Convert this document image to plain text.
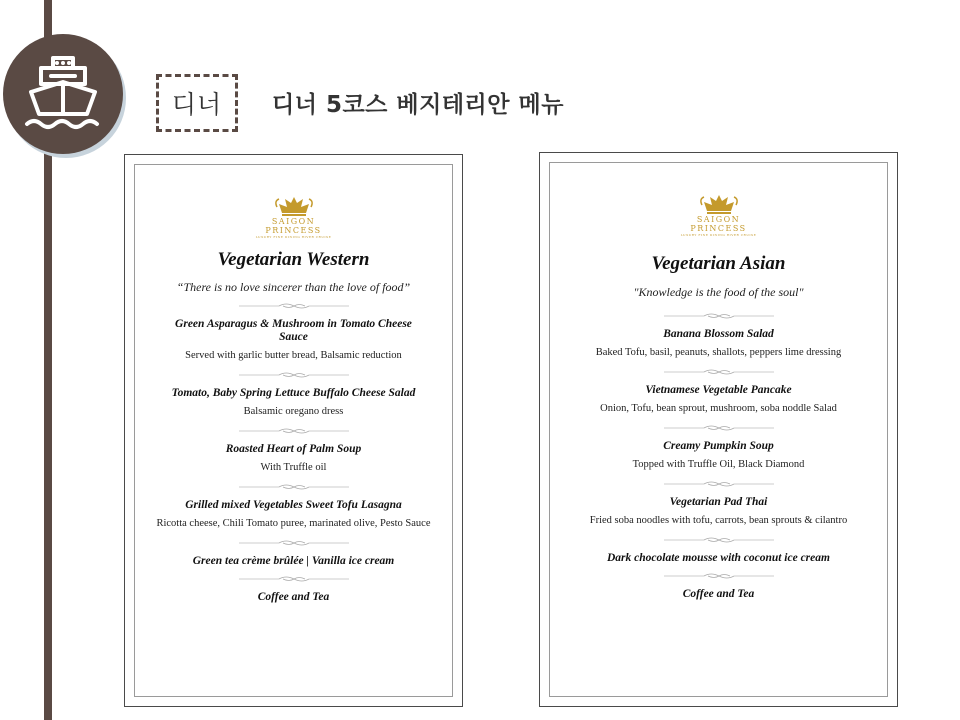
디너 디너 5코스 베지테리안 메뉴
SAIGON
PRINCESS
LUXURY FINE DINING RIVER CRUISE
Vegetarian Western
“There is no love sincerer than the love of food”
Green Asparagus & Mushroom in Tomato Cheese Sauce
Served with garlic butter bread, Balsamic reduction
Tomato, Baby Spring Lettuce Buffalo Cheese Salad
Balsamic oregano dress
Roasted Heart of Palm Soup
With Truffle oil
Grilled mixed Vegetables Sweet Tofu Lasagna
Ricotta cheese, Chili Tomato puree, marinated olive, Pesto Sauce
Green tea crème brûlée | Vanilla ice cream
Coffee and Tea
SAIGON
PRINCESS
LUXURY FINE DINING RIVER CRUISE
Vegetarian Asian
"Knowledge is the food of the soul"
Banana Blossom Salad
Baked Tofu, basil, peanuts, shallots, peppers lime dressing
Vietnamese Vegetable Pancake
Onion, Tofu, bean sprout, mushroom, soba noddle Salad
Creamy Pumpkin Soup
Topped with Truffle Oil, Black Diamond
Vegetarian Pad Thai
Fried soba noodles with tofu, carrots, bean sprouts & cilantro
Dark chocolate mousse with coconut ice cream
Coffee and Tea
